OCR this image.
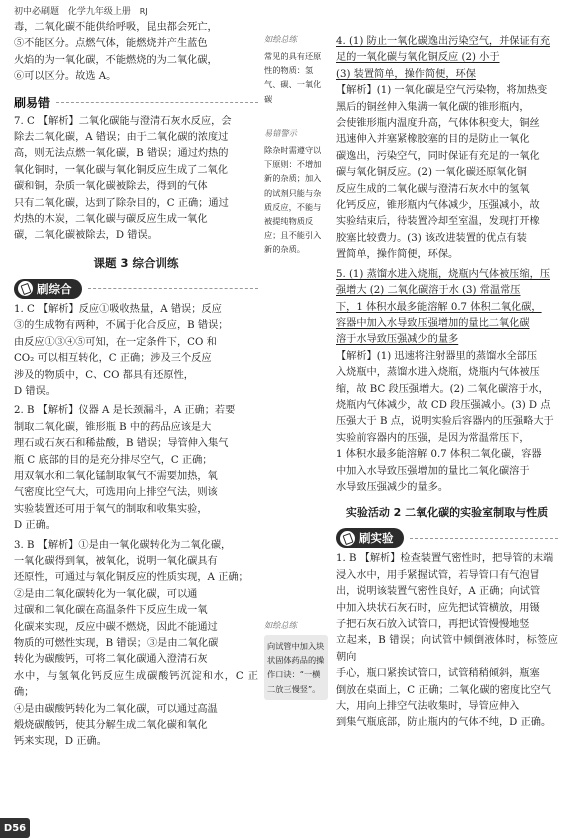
初中必刷题 化学九年级上册 RJ

毒，二氧化碳不能供给呼吸，昆虫都会死亡，

⑤不能区分。点燃气体，能燃烧并产生蓝色

火焰的为一氧化碳，不能燃烧的为二氧化碳，

⑥可以区分。故选 A。

刷易错

7. C 【解析】二氧化碳能与澄清石灰水反应，会

除去二氧化碳，A 错误；由于二氧化碳的浓度过

高，则无法点燃一氧化碳，B 错误；通过灼热的

氧化铜时，一氧化碳与氧化铜反应生成了二氧化

碳和铜，杂质一氧化碳被除去，得到的气体

只有二氧化碳，达到了除杂目的，C 正确；通过

灼热的木炭，二氧化碳与碳反应生成一氧化

碳，二氧化碳被除去，D 错误。

课题 3 综合训练
刷综合

1. C 【解析】反应①吸收热量，A 错误；反应

③的生成物有两种，不属于化合反应，B 错误；

由反应①③④⑤可知，在一定条件下，CO 和

CO₂ 可以相互转化，C 正确；涉及三个反应

涉及的物质中，C、CO 都具有还原性，

D 错误。

2. B 【解析】仪器 A 是长颈漏斗，A 正确；若要

制取二氧化碳，锥形瓶 B 中的药品应该是大

理石或石灰石和稀盐酸，B 错误；导管伸入集气

瓶 C 底部的目的是充分排尽空气，C 正确；

用双氧水和二氧化锰制取氧气不需要加热，氧

气密度比空气大，可选用向上排空气法，则该

实验装置还可用于氧气的制取和收集实验，

D 正确。

3. B 【解析】①是由一氧化碳转化为二氧化碳，

一氧化碳得到氧，被氧化，说明一氧化碳具有

还原性，可通过与氧化铜反应的性质实现，A 正确；

②是由二氧化碳转化为一氧化碳，可以通

过碳和二氧化碳在高温条件下反应生成一氧

化碳来实现，反应中碳不燃烧，因此不能通过

物质的可燃性实现，B 错误；③是由二氧化碳

转化为碳酸钙，可将二氧化碳通入澄清石灰

水中，与氢氧化钙反应生成碳酸钙沉淀和水，C 正确；

④是由碳酸钙转化为二氧化碳，可以通过高温

煅烧碳酸钙，使其分解生成二氧化碳和氧化

钙来实现，D 正确。

如绘总练
常见的具有还原性的物质：氢气、碳、一氧化碳
易错警示
除杂时需遵守以下原则：不增加新的杂质；加入的试剂只能与杂质反应，不能与被提纯物质反应；且不能引入新的杂质。
如绘总练
向试管中加入块状固体药品的操作口诀：“一横二放三慢竖”。

4. (1) 防止一氧化碳逸出污染空气，并保证有充

足的一氧化碳与氧化铜反应 (2) 小于

(3) 装置简单，操作简便，环保

【解析】(1) 一氧化碳是空气污染物，将加热变

黑后的铜丝伸入集满一氧化碳的锥形瓶内，

会使锥形瓶内温度升高，气体体积变大，铜丝

迅速伸入并塞紧橡胶塞的目的是防止一氧化

碳逸出，污染空气，同时保证有充足的一氧化

碳与氧化铜反应。(2) 一氧化碳还原氧化铜

反应生成的二氧化碳与澄清石灰水中的氢氧

化钙反应，锥形瓶内气体减少，压强减小，故

实验结束后，待装置冷却至室温，发现打开橡

胶塞比较费力。(3) 该改进装置的优点有装

置简单，操作简便，环保。

5. (1) 蒸馏水进入烧瓶，烧瓶内气体被压缩，压

强增大 (2) 二氧化碳溶于水 (3) 常温常压

下，1 体积水最多能溶解 0.7 体积二氧化碳，

容器中加入水导致压强增加的量比二氧化碳

溶于水导致压强减少的量多

【解析】(1) 迅速将注射器里的蒸馏水全部压

入烧瓶中，蒸馏水进入烧瓶，烧瓶内气体被压

缩，故 BC 段压强增大。(2) 二氧化碳溶于水，

烧瓶内气体减少，故 CD 段压强减小。(3) D 点

压强大于 B 点，说明实验后容器内的压强略大于

实验前容器内的压强，是因为常温常压下，

1 体积水最多能溶解 0.7 体积二氧化碳，容器

中加入水导致压强增加的量比二氧化碳溶于

水导致压强减少的量多。

实验活动 2 二氧化碳的实验室制取与性质
刷实验

1. B 【解析】检查装置气密性时，把导管的末端

浸入水中，用手紧握试管，若导管口有气泡冒

出，说明该装置气密性良好，A 正确；向试管

中加入块状石灰石时，应先把试管横放，用镊

子把石灰石放入试管口，再把试管慢慢地竖

立起来，B 错误；向试管中倾倒液体时，标签应朝向

手心，瓶口紧挨试管口，试管稍稍倾斜，瓶塞

倒放在桌面上，C 正确；二氧化碳的密度比空气

大，用向上排空气法收集时，导管应伸入

到集气瓶底部，防止瓶内的气体不纯，D 正确。

D56
